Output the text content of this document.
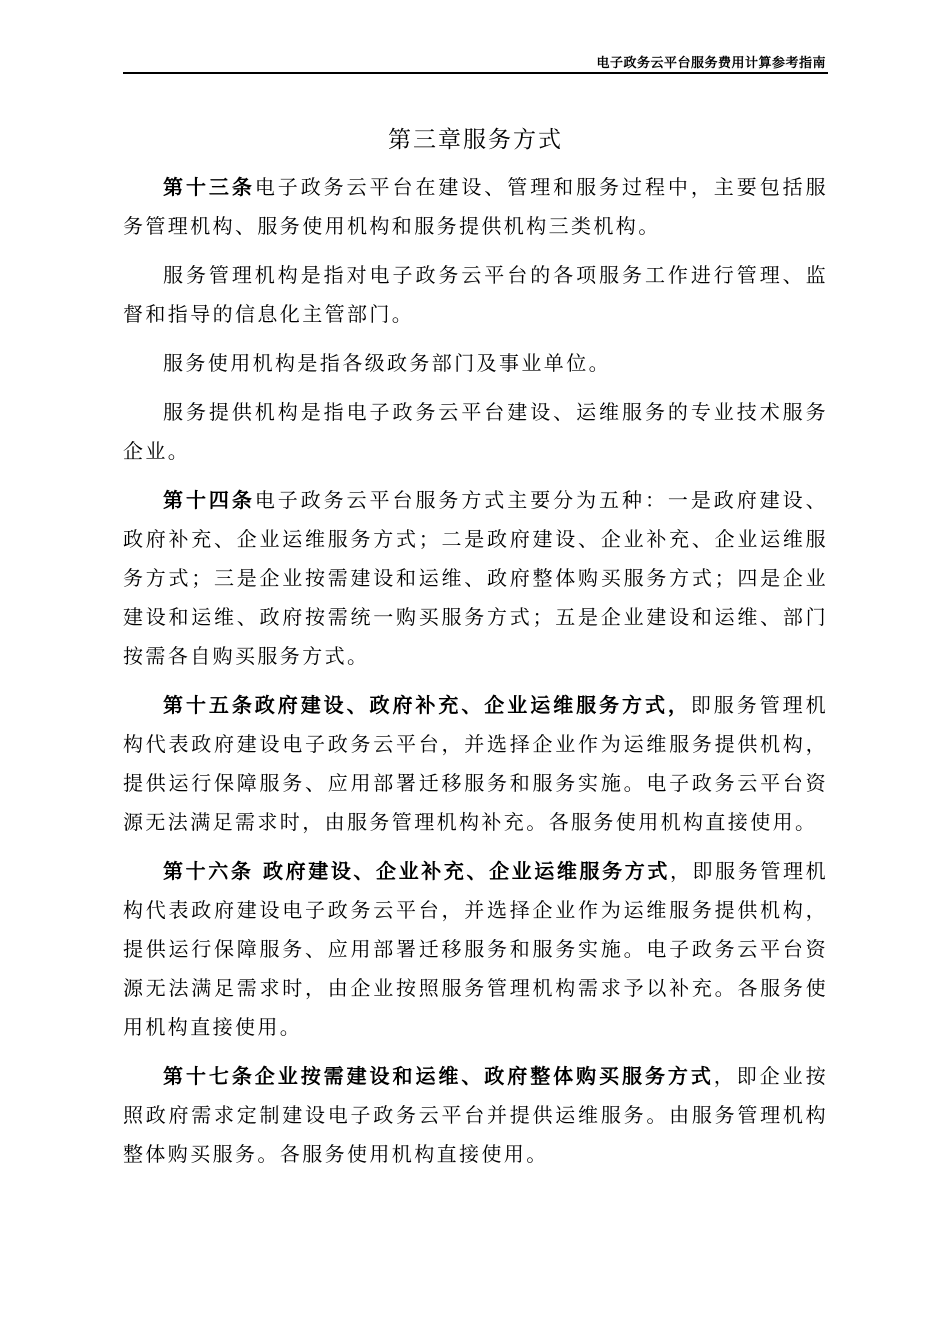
电子政务云平台服务费用计算参考指南
第三章服务方式

第十三条电子政务云平台在建设、管理和服务过程中，主要包括服务管理机构、服务使用机构和服务提供机构三类机构。

服务管理机构是指对电子政务云平台的各项服务工作进行管理、监督和指导的信息化主管部门。

服务使用机构是指各级政务部门及事业单位。

服务提供机构是指电子政务云平台建设、运维服务的专业技术服务企业。

第十四条电子政务云平台服务方式主要分为五种：一是政府建设、政府补充、企业运维服务方式；二是政府建设、企业补充、企业运维服务方式；三是企业按需建设和运维、政府整体购买服务方式；四是企业建设和运维、政府按需统一购买服务方式；五是企业建设和运维、部门按需各自购买服务方式。

第十五条政府建设、政府补充、企业运维服务方式，即服务管理机构代表政府建设电子政务云平台，并选择企业作为运维服务提供机构，提供运行保障服务、应用部署迁移服务和服务实施。电子政务云平台资源无法满足需求时，由服务管理机构补充。各服务使用机构直接使用。

第十六条 政府建设、企业补充、企业运维服务方式，即服务管理机构代表政府建设电子政务云平台，并选择企业作为运维服务提供机构，提供运行保障服务、应用部署迁移服务和服务实施。电子政务云平台资源无法满足需求时，由企业按照服务管理机构需求予以补充。各服务使用机构直接使用。

第十七条企业按需建设和运维、政府整体购买服务方式，即企业按照政府需求定制建设电子政务云平台并提供运维服务。由服务管理机构整体购买服务。各服务使用机构直接使用。
